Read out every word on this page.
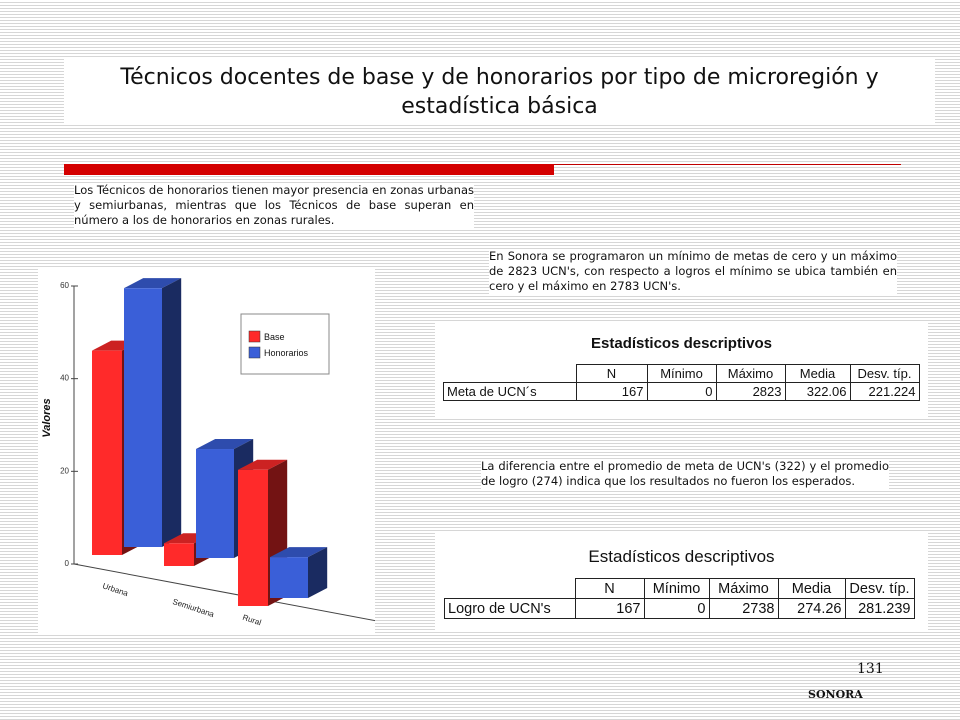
Técnicos docentes de base y de honorarios por tipo de microregión y estadística básica
Los Técnicos de honorarios tienen mayor presencia en zonas urbanas y semiurbanas, mientras que los Técnicos de base superan en número a los de honorarios en zonas rurales.
En Sonora se programaron un mínimo de metas de cero y un máximo de 2823 UCN's, con respecto a logros el mínimo se ubica también en cero y el máximo en 2783 UCN's.
La diferencia entre el promedio de meta de UCN's (322) y el promedio de logro (274) indica que los resultados no fueron los esperados.
Estadísticos descriptivos
	N	Mínimo	Máximo	Media	Desv. típ.
Meta de UCN´s	167	0	2823	322.06	221.224
Estadísticos descriptivos
	N	Mínimo	Máximo	Media	Desv. típ.
Logro de UCN's	167	0	2738	274.26	281.239
0
20
40
60
Valores
Urbana
Semiurbana
Rural
Base
Honorarios
131
SONORA
